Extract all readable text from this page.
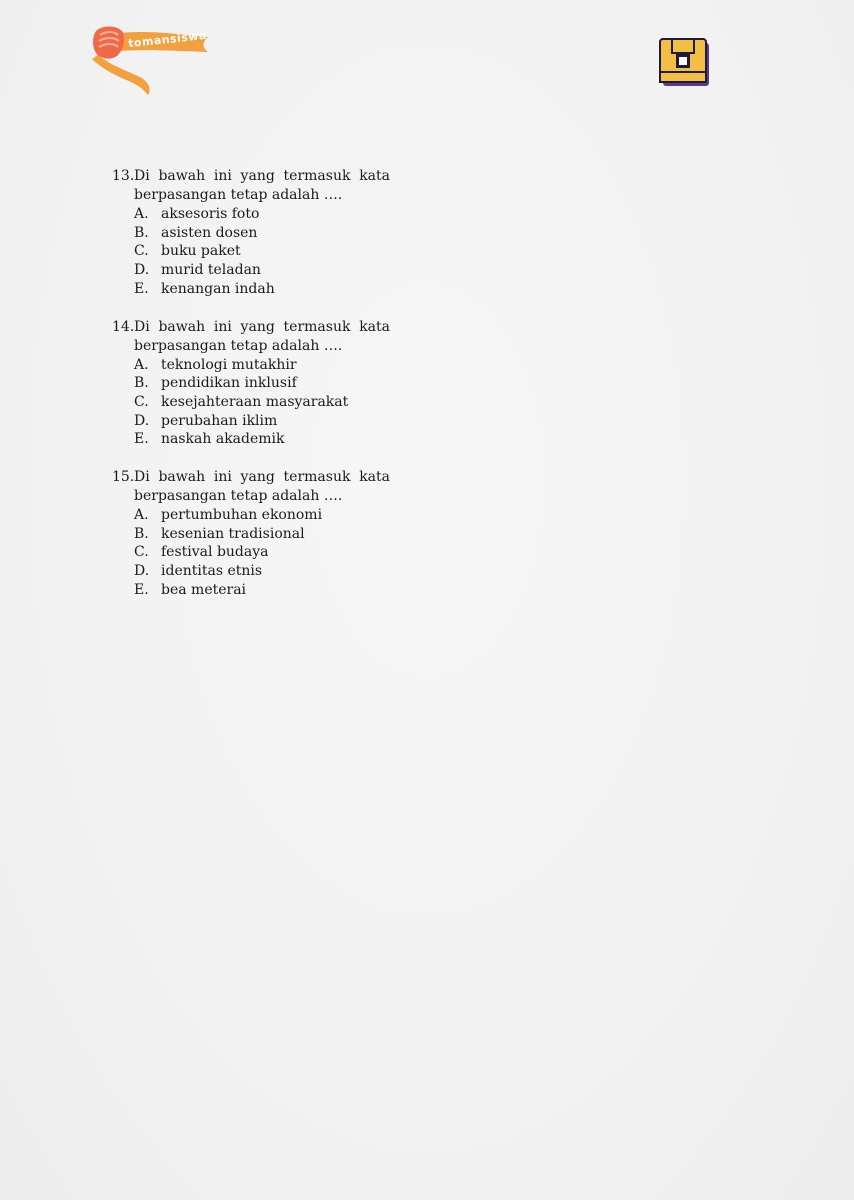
tomansiswa
13. Di bawah ini yang termasuk kata
berpasangan tetap adalah ….
A. aksesoris foto
B. asisten dosen
C. buku paket
D. murid teladan
E. kenangan indah
14. Di bawah ini yang termasuk kata
berpasangan tetap adalah ….
A. teknologi mutakhir
B. pendidikan inklusif
C. kesejahteraan masyarakat
D. perubahan iklim
E. naskah akademik
15. Di bawah ini yang termasuk kata
berpasangan tetap adalah ….
A. pertumbuhan ekonomi
B. kesenian tradisional
C. festival budaya
D. identitas etnis
E. bea meterai
